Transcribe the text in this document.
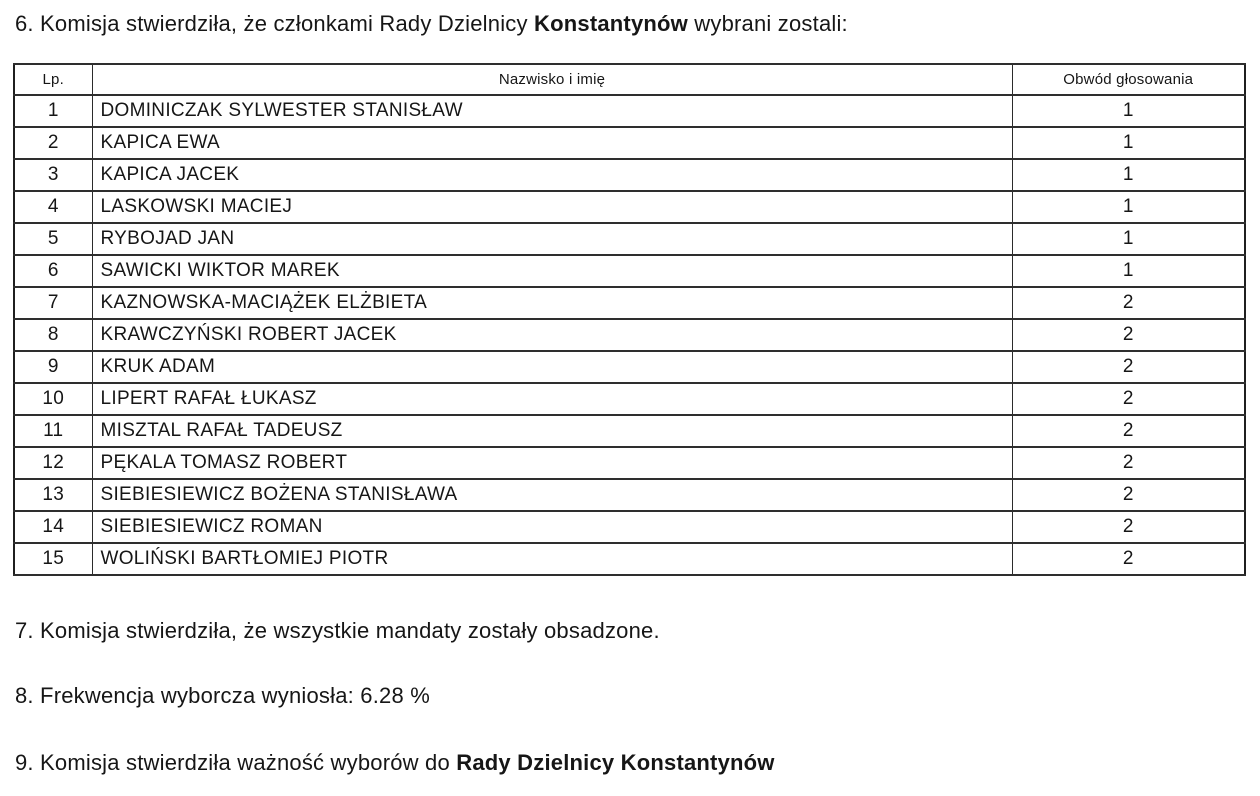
6. Komisja stwierdziła, że członkami Rady Dzielnicy Konstantynów wybrani zostali:

Lp.	Nazwisko i imię	Obwód głosowania
1	DOMINICZAK SYLWESTER STANISŁAW	1
2	KAPICA EWA	1
3	KAPICA JACEK	1
4	LASKOWSKI MACIEJ	1
5	RYBOJAD JAN	1
6	SAWICKI WIKTOR MAREK	1
7	KAZNOWSKA-MACIĄŻEK ELŻBIETA	2
8	KRAWCZYŃSKI ROBERT JACEK	2
9	KRUK ADAM	2
10	LIPERT RAFAŁ ŁUKASZ	2
11	MISZTAL RAFAŁ TADEUSZ	2
12	PĘKALA TOMASZ ROBERT	2
13	SIEBIESIEWICZ BOŻENA STANISŁAWA	2
14	SIEBIESIEWICZ ROMAN	2
15	WOLIŃSKI BARTŁOMIEJ PIOTR	2

7. Komisja stwierdziła, że wszystkie mandaty zostały obsadzone.

8. Frekwencja wyborcza wyniosła: 6.28 %

9. Komisja stwierdziła ważność wyborów do Rady Dzielnicy Konstantynów
